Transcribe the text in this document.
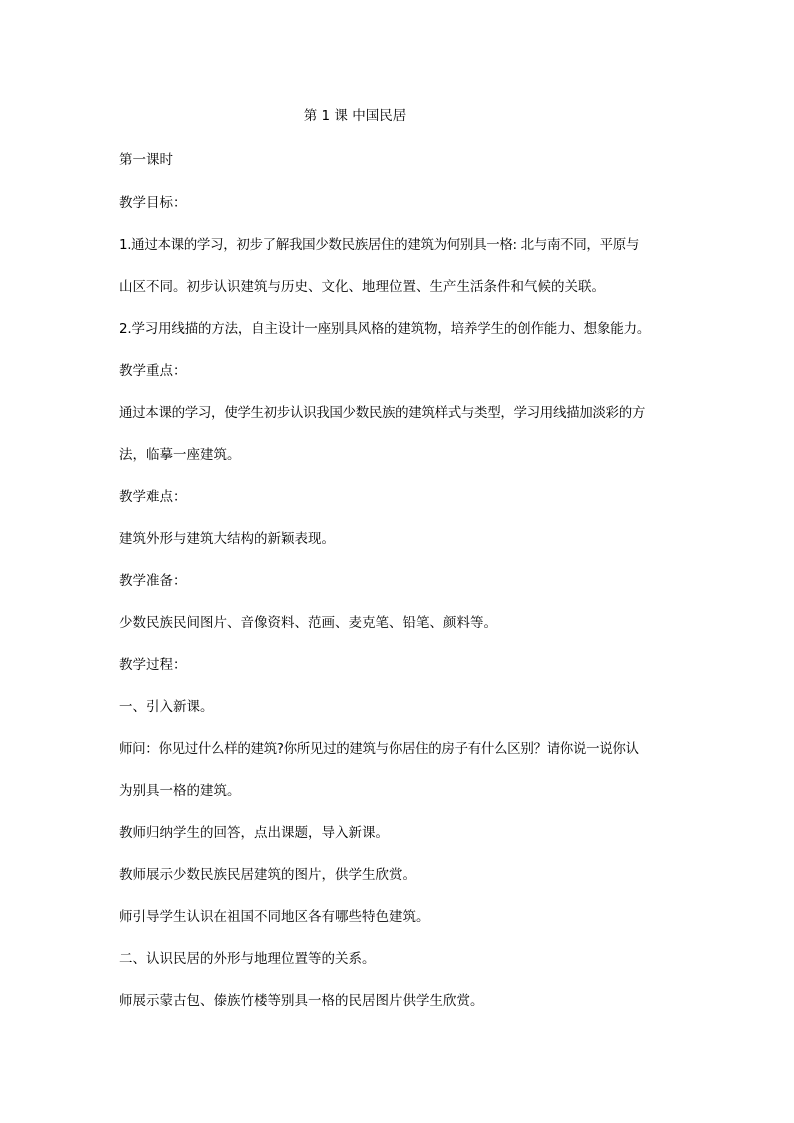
第 1 课 中国民居
第一课时
教学目标：
1.通过本课的学习，初步了解我国少数民族居住的建筑为何别具一格: 北与南不同，平原与
山区不同。初步认识建筑与历史、文化、地理位置、生产生活条件和气候的关联。
2.学习用线描的方法，自主设计一座别具风格的建筑物，培养学生的创作能力、想象能力。
教学重点：
通过本课的学习，使学生初步认识我国少数民族的建筑样式与类型，学习用线描加淡彩的方
法，临摹一座建筑。
教学难点：
建筑外形与建筑大结构的新颖表现。
教学准备：
少数民族民间图片、音像资料、范画、麦克笔、铅笔、颜料等。
教学过程：
一、引入新课。
师问：你见过什么样的建筑?你所见过的建筑与你居住的房子有什么区别？请你说一说你认
为别具一格的建筑。
教师归纳学生的回答，点出课题，导入新课。
教师展示少数民族民居建筑的图片，供学生欣赏。
师引导学生认识在祖国不同地区各有哪些特色建筑。
二、认识民居的外形与地理位置等的关系。
师展示蒙古包、傣族竹楼等别具一格的民居图片供学生欣赏。
